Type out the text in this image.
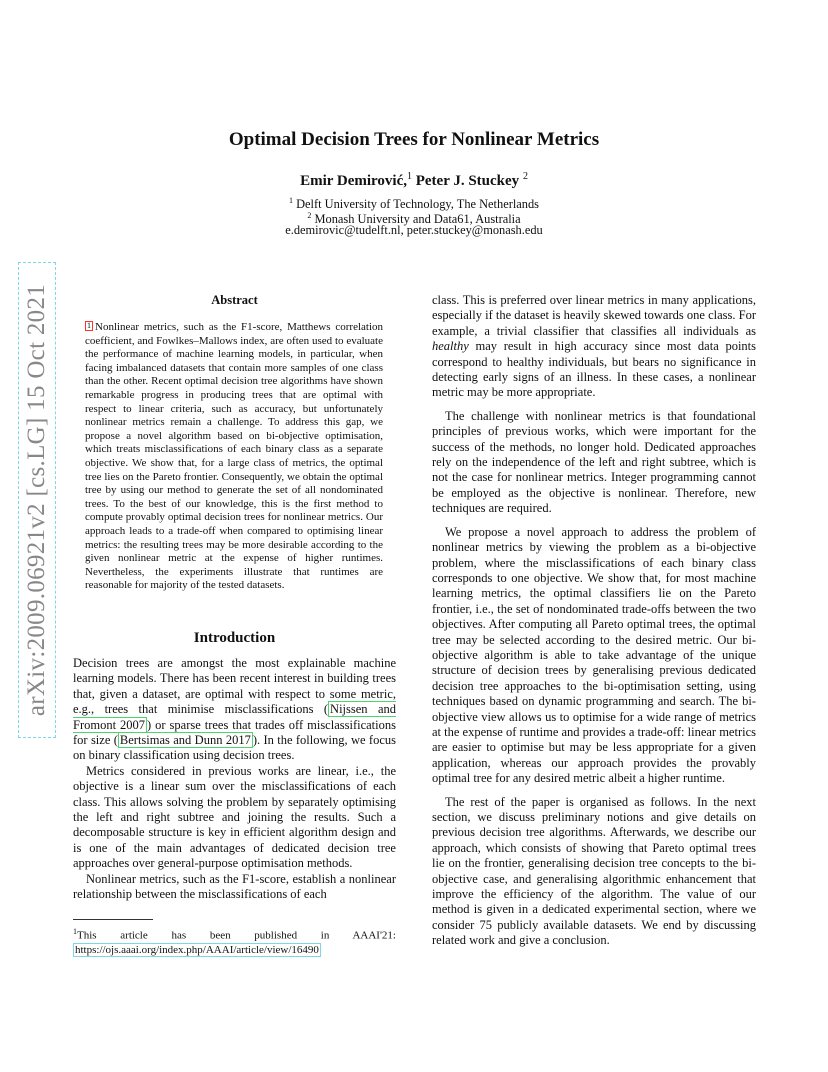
arXiv:2009.06921v2 [cs.LG] 15 Oct 2021
Optimal Decision Trees for Nonlinear Metrics
Emir Demirović,$^1$ Peter J. Stuckey $^2$
$^1$ Delft University of Technology, The Netherlands
$^2$ Monash University and Data61, Australia
e.demirovic@tudelft.nl, peter.stuckey@monash.edu
Abstract
1 Nonlinear metrics, such as the F1-score, Matthews correlation coefficient, and Fowlkes–Mallows index, are often used to evaluate the performance of machine learning models, in particular, when facing imbalanced datasets that contain more samples of one class than the other. Recent optimal decision tree algorithms have shown remarkable progress in producing trees that are optimal with respect to linear criteria, such as accuracy, but unfortunately nonlinear metrics remain a challenge. To address this gap, we propose a novel algorithm based on bi-objective optimisation, which treats misclassifications of each binary class as a separate objective. We show that, for a large class of metrics, the optimal tree lies on the Pareto frontier. Consequently, we obtain the optimal tree by using our method to generate the set of all nondominated trees. To the best of our knowledge, this is the first method to compute provably optimal decision trees for nonlinear metrics. Our approach leads to a trade-off when compared to optimising linear metrics: the resulting trees may be more desirable according to the given nonlinear metric at the expense of higher runtimes. Nevertheless, the experiments illustrate that runtimes are reasonable for majority of the tested datasets.
Introduction

Decision trees are amongst the most explainable machine learning models. There has been recent interest in building trees that, given a dataset, are optimal with respect to some metric, e.g., trees that minimise misclassifications ( Nijssen and Fromont 2007 ) or sparse trees that trades off misclassifications for size ( Bertsimas and Dunn 2017 ). In the following, we focus on binary classification using decision trees.

Metrics considered in previous works are linear, i.e., the objective is a linear sum over the misclassifications of each class. This allows solving the problem by separately optimising the left and right subtree and joining the results. Such a decomposable structure is key in efficient algorithm design and is one of the main advantages of dedicated decision tree approaches over general-purpose optimisation methods.

Nonlinear metrics, such as the F1-score, establish a nonlinear relationship between the misclassifications of each

$^1$This article has been published in AAAI'21: https://ojs.aaai.org/index.php/AAAI/article/view/16490

class. This is preferred over linear metrics in many applications, especially if the dataset is heavily skewed towards one class. For example, a trivial classifier that classifies all individuals as healthy may result in high accuracy since most data points correspond to healthy individuals, but bears no significance in detecting early signs of an illness. In these cases, a nonlinear metric may be more appropriate.

The challenge with nonlinear metrics is that foundational principles of previous works, which were important for the success of the methods, no longer hold. Dedicated approaches rely on the independence of the left and right subtree, which is not the case for nonlinear metrics. Integer programming cannot be employed as the objective is nonlinear. Therefore, new techniques are required.

We propose a novel approach to address the problem of nonlinear metrics by viewing the problem as a bi-objective problem, where the misclassifications of each binary class corresponds to one objective. We show that, for most machine learning metrics, the optimal classifiers lie on the Pareto frontier, i.e., the set of nondominated trade-offs between the two objectives. After computing all Pareto optimal trees, the optimal tree may be selected according to the desired metric. Our bi-objective algorithm is able to take advantage of the unique structure of decision trees by generalising previous dedicated decision tree approaches to the bi-optimisation setting, using techniques based on dynamic programming and search. The bi-objective view allows us to optimise for a wide range of metrics at the expense of runtime and provides a trade-off: linear metrics are easier to optimise but may be less appropriate for a given application, whereas our approach provides the provably optimal tree for any desired metric albeit a higher runtime.

The rest of the paper is organised as follows. In the next section, we discuss preliminary notions and give details on previous decision tree algorithms. Afterwards, we describe our approach, which consists of showing that Pareto optimal trees lie on the frontier, generalising decision tree concepts to the bi-objective case, and generalising algorithmic enhancement that improve the efficiency of the algorithm. The value of our method is given in a dedicated experimental section, where we consider 75 publicly available datasets. We end by discussing related work and give a conclusion.
